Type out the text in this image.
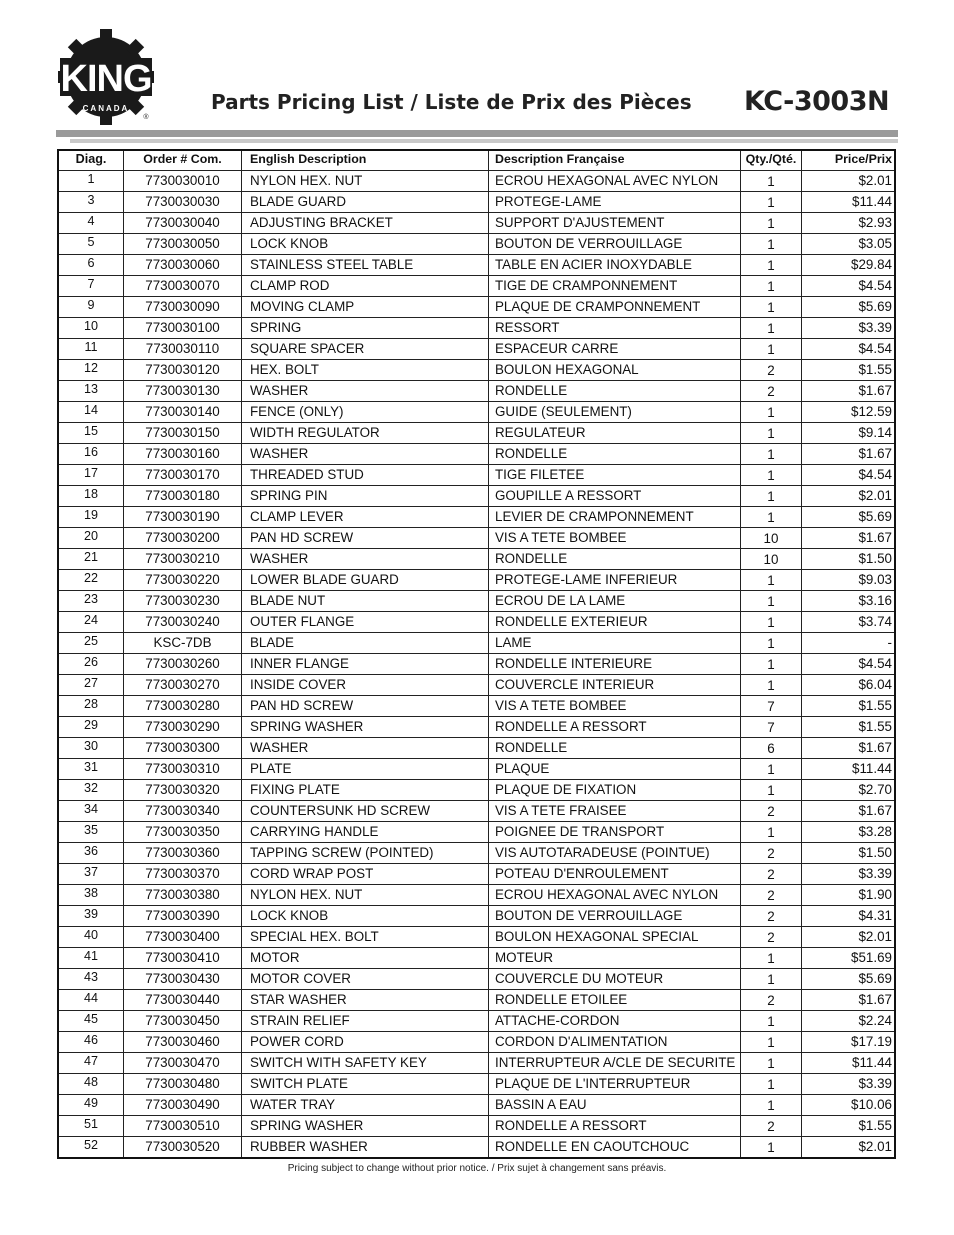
KING
CANADA
®
Parts Pricing List / Liste de Prix des Pièces KC-3003N
Diag.	Order # Com.	English Description	Description Française	Qty./Qté.	Price/Prix
1	7730030010	NYLON HEX. NUT	ECROU HEXAGONAL AVEC NYLON	1	$2.01
3	7730030030	BLADE GUARD	PROTEGE-LAME	1	$11.44
4	7730030040	ADJUSTING BRACKET	SUPPORT D'AJUSTEMENT	1	$2.93
5	7730030050	LOCK KNOB	BOUTON DE VERROUILLAGE	1	$3.05
6	7730030060	STAINLESS STEEL TABLE	TABLE EN ACIER INOXYDABLE	1	$29.84
7	7730030070	CLAMP ROD	TIGE DE CRAMPONNEMENT	1	$4.54
9	7730030090	MOVING CLAMP	PLAQUE DE CRAMPONNEMENT	1	$5.69
10	7730030100	SPRING	RESSORT	1	$3.39
11	7730030110	SQUARE SPACER	ESPACEUR CARRE	1	$4.54
12	7730030120	HEX. BOLT	BOULON HEXAGONAL	2	$1.55
13	7730030130	WASHER	RONDELLE	2	$1.67
14	7730030140	FENCE (ONLY)	GUIDE (SEULEMENT)	1	$12.59
15	7730030150	WIDTH REGULATOR	REGULATEUR	1	$9.14
16	7730030160	WASHER	RONDELLE	1	$1.67
17	7730030170	THREADED STUD	TIGE FILETEE	1	$4.54
18	7730030180	SPRING PIN	GOUPILLE A RESSORT	1	$2.01
19	7730030190	CLAMP LEVER	LEVIER DE CRAMPONNEMENT	1	$5.69
20	7730030200	PAN HD SCREW	VIS A TETE BOMBEE	10	$1.67
21	7730030210	WASHER	RONDELLE	10	$1.50
22	7730030220	LOWER BLADE GUARD	PROTEGE-LAME INFERIEUR	1	$9.03
23	7730030230	BLADE NUT	ECROU DE LA LAME	1	$3.16
24	7730030240	OUTER FLANGE	RONDELLE EXTERIEUR	1	$3.74
25	KSC-7DB	BLADE	LAME	1	-
26	7730030260	INNER FLANGE	RONDELLE INTERIEURE	1	$4.54
27	7730030270	INSIDE COVER	COUVERCLE INTERIEUR	1	$6.04
28	7730030280	PAN HD SCREW	VIS A TETE BOMBEE	7	$1.55
29	7730030290	SPRING WASHER	RONDELLE A RESSORT	7	$1.55
30	7730030300	WASHER	RONDELLE	6	$1.67
31	7730030310	PLATE	PLAQUE	1	$11.44
32	7730030320	FIXING PLATE	PLAQUE DE FIXATION	1	$2.70
34	7730030340	COUNTERSUNK HD SCREW	VIS A TETE FRAISEE	2	$1.67
35	7730030350	CARRYING HANDLE	POIGNEE DE TRANSPORT	1	$3.28
36	7730030360	TAPPING SCREW (POINTED)	VIS AUTOTARADEUSE (POINTUE)	2	$1.50
37	7730030370	CORD WRAP POST	POTEAU D'ENROULEMENT	2	$3.39
38	7730030380	NYLON HEX. NUT	ECROU HEXAGONAL AVEC NYLON	2	$1.90
39	7730030390	LOCK KNOB	BOUTON DE VERROUILLAGE	2	$4.31
40	7730030400	SPECIAL HEX. BOLT	BOULON HEXAGONAL SPECIAL	2	$2.01
41	7730030410	MOTOR	MOTEUR	1	$51.69
43	7730030430	MOTOR COVER	COUVERCLE DU MOTEUR	1	$5.69
44	7730030440	STAR WASHER	RONDELLE ETOILEE	2	$1.67
45	7730030450	STRAIN RELIEF	ATTACHE-CORDON	1	$2.24
46	7730030460	POWER CORD	CORDON D'ALIMENTATION	1	$17.19
47	7730030470	SWITCH WITH SAFETY KEY	INTERRUPTEUR A/CLE DE SECURITE	1	$11.44
48	7730030480	SWITCH PLATE	PLAQUE DE L'INTERRUPTEUR	1	$3.39
49	7730030490	WATER TRAY	BASSIN A EAU	1	$10.06
51	7730030510	SPRING WASHER	RONDELLE A RESSORT	2	$1.55
52	7730030520	RUBBER WASHER	RONDELLE EN CAOUTCHOUC	1	$2.01
Pricing subject to change without prior notice. / Prix sujet à changement sans préavis.
